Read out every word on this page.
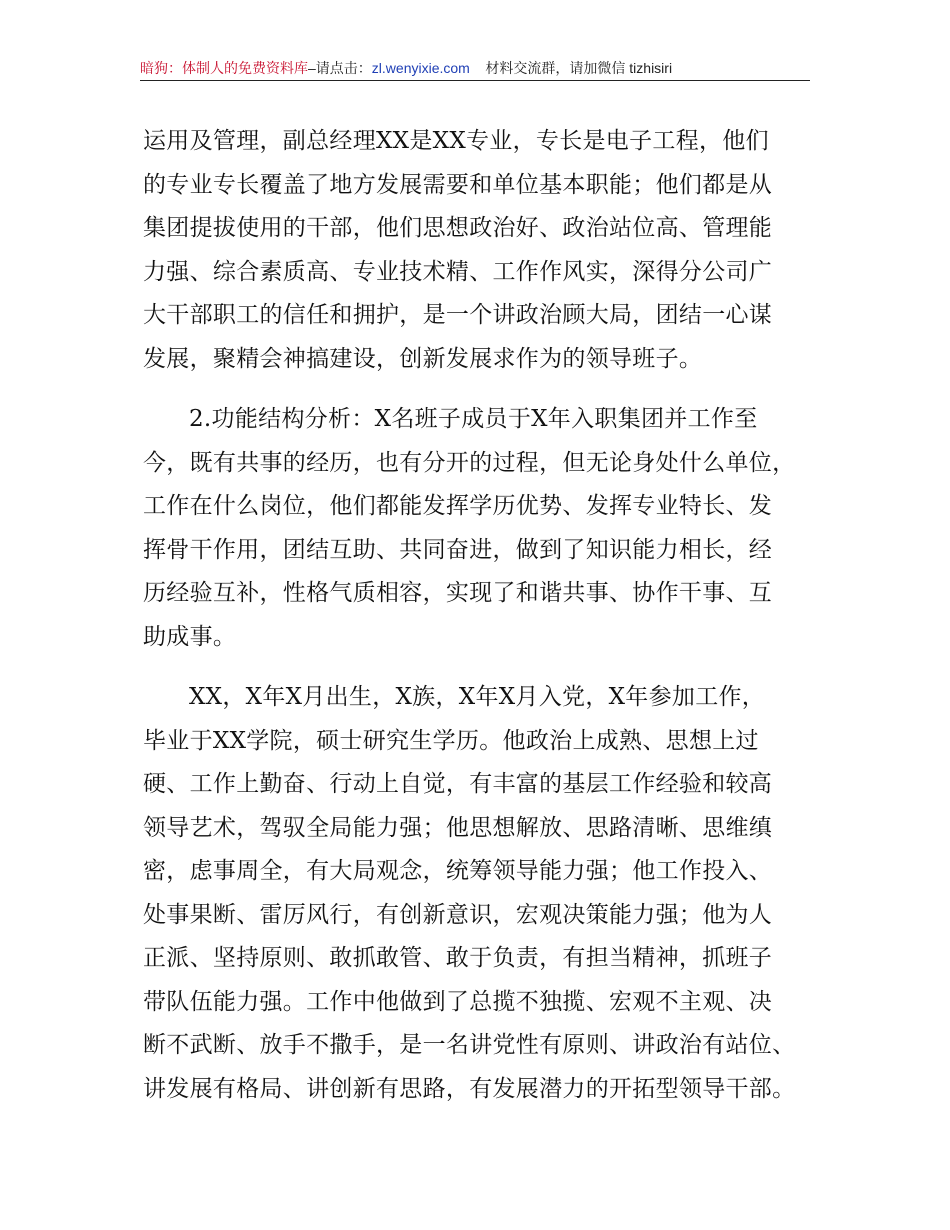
暗狗：体制人的免费资料库–请点击：zl.wenyixie.com 材料交流群，请加微信 tizhisiri
运用及管理，副总经理XX是XX专业，专长是电子工程，他们
的专业专长覆盖了地方发展需要和单位基本职能；他们都是从
集团提拔使用的干部，他们思想政治好、政治站位高、管理能
力强、综合素质高、专业技术精、工作作风实，深得分公司广
大干部职工的信任和拥护，是一个讲政治顾大局，团结一心谋
发展，聚精会神搞建设，创新发展求作为的领导班子。
2.功能结构分析：X名班子成员于X年入职集团并工作至
今，既有共事的经历，也有分开的过程，但无论身处什么单位，
工作在什么岗位，他们都能发挥学历优势、发挥专业特长、发
挥骨干作用，团结互助、共同奋进，做到了知识能力相长，经
历经验互补，性格气质相容，实现了和谐共事、协作干事、互
助成事。
XX，X年X月出生，X族，X年X月入党，X年参加工作，
毕业于XX学院，硕士研究生学历。他政治上成熟、思想上过
硬、工作上勤奋、行动上自觉，有丰富的基层工作经验和较高
领导艺术，驾驭全局能力强；他思想解放、思路清晰、思维缜
密，虑事周全，有大局观念，统筹领导能力强；他工作投入、
处事果断、雷厉风行，有创新意识，宏观决策能力强；他为人
正派、坚持原则、敢抓敢管、敢于负责，有担当精神，抓班子
带队伍能力强。工作中他做到了总揽不独揽、宏观不主观、决
断不武断、放手不撒手，是一名讲党性有原则、讲政治有站位、
讲发展有格局、讲创新有思路，有发展潜力的开拓型领导干部。
